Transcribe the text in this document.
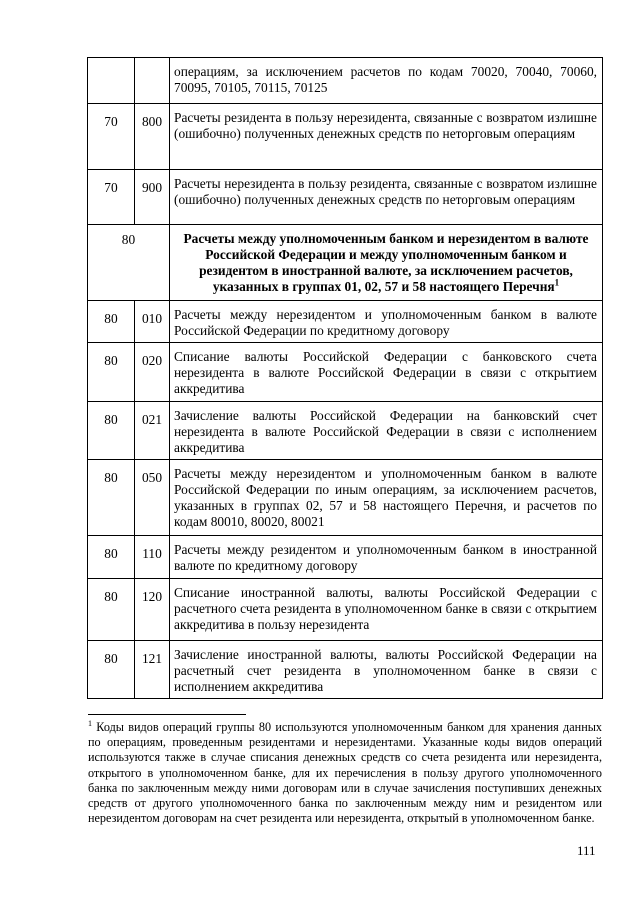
		операциям, за исключением расчетов по кодам 70020, 70040, 70060, 70095, 70105, 70115, 70125
70	800	Расчеты резидента в пользу нерезидента, связанные с возвратом излишне (ошибочно) полученных денежных средств по неторговым операциям
70	900	Расчеты нерезидента в пользу резидента, связанные с возвратом излишне (ошибочно) полученных денежных средств по неторговым операциям
80		Расчеты между уполномоченным банком и нерезидентом в валюте Российской Федерации и между уполномоченным банком и резидентом в иностранной валюте, за исключением расчетов, указанных в группах 01, 02, 57 и 58 настоящего Перечня$^1$
80	010	Расчеты между нерезидентом и уполномоченным банком в валюте Российской Федерации по кредитному договору
80	020	Списание валюты Российской Федерации с банковского счета нерезидента в валюте Российской Федерации в связи с открытием аккредитива
80	021	Зачисление валюты Российской Федерации на банковский счет нерезидента в валюте Российской Федерации в связи с исполнением аккредитива
80	050	Расчеты между нерезидентом и уполномоченным банком в валюте Российской Федерации по иным операциям, за исключением расчетов, указанных в группах 02, 57 и 58 настоящего Перечня, и расчетов по кодам 80010, 80020, 80021
80	110	Расчеты между резидентом и уполномоченным банком в иностранной валюте по кредитному договору
80	120	Списание иностранной валюты, валюты Российской Федерации с расчетного счета резидента в уполномоченном банке в связи с открытием аккредитива в пользу нерезидента
80	121	Зачисление иностранной валюты, валюты Российской Федерации на расчетный счет резидента в уполномоченном банке в связи с исполнением аккредитива
$^1$ Коды видов операций группы 80 используются уполномоченным банком для хранения данных по операциям, проведенным резидентами и нерезидентами. Указанные коды видов операций используются также в случае списания денежных средств со счета резидента или нерезидента, открытого в уполномоченном банке, для их перечисления в пользу другого уполномоченного банка по заключенным между ними договорам или в случае зачисления поступивших денежных средств от другого уполномоченного банка по заключенным между ним и резидентом или нерезидентом договорам на счет резидента или нерезидента, открытый в уполномоченном банке.
111
